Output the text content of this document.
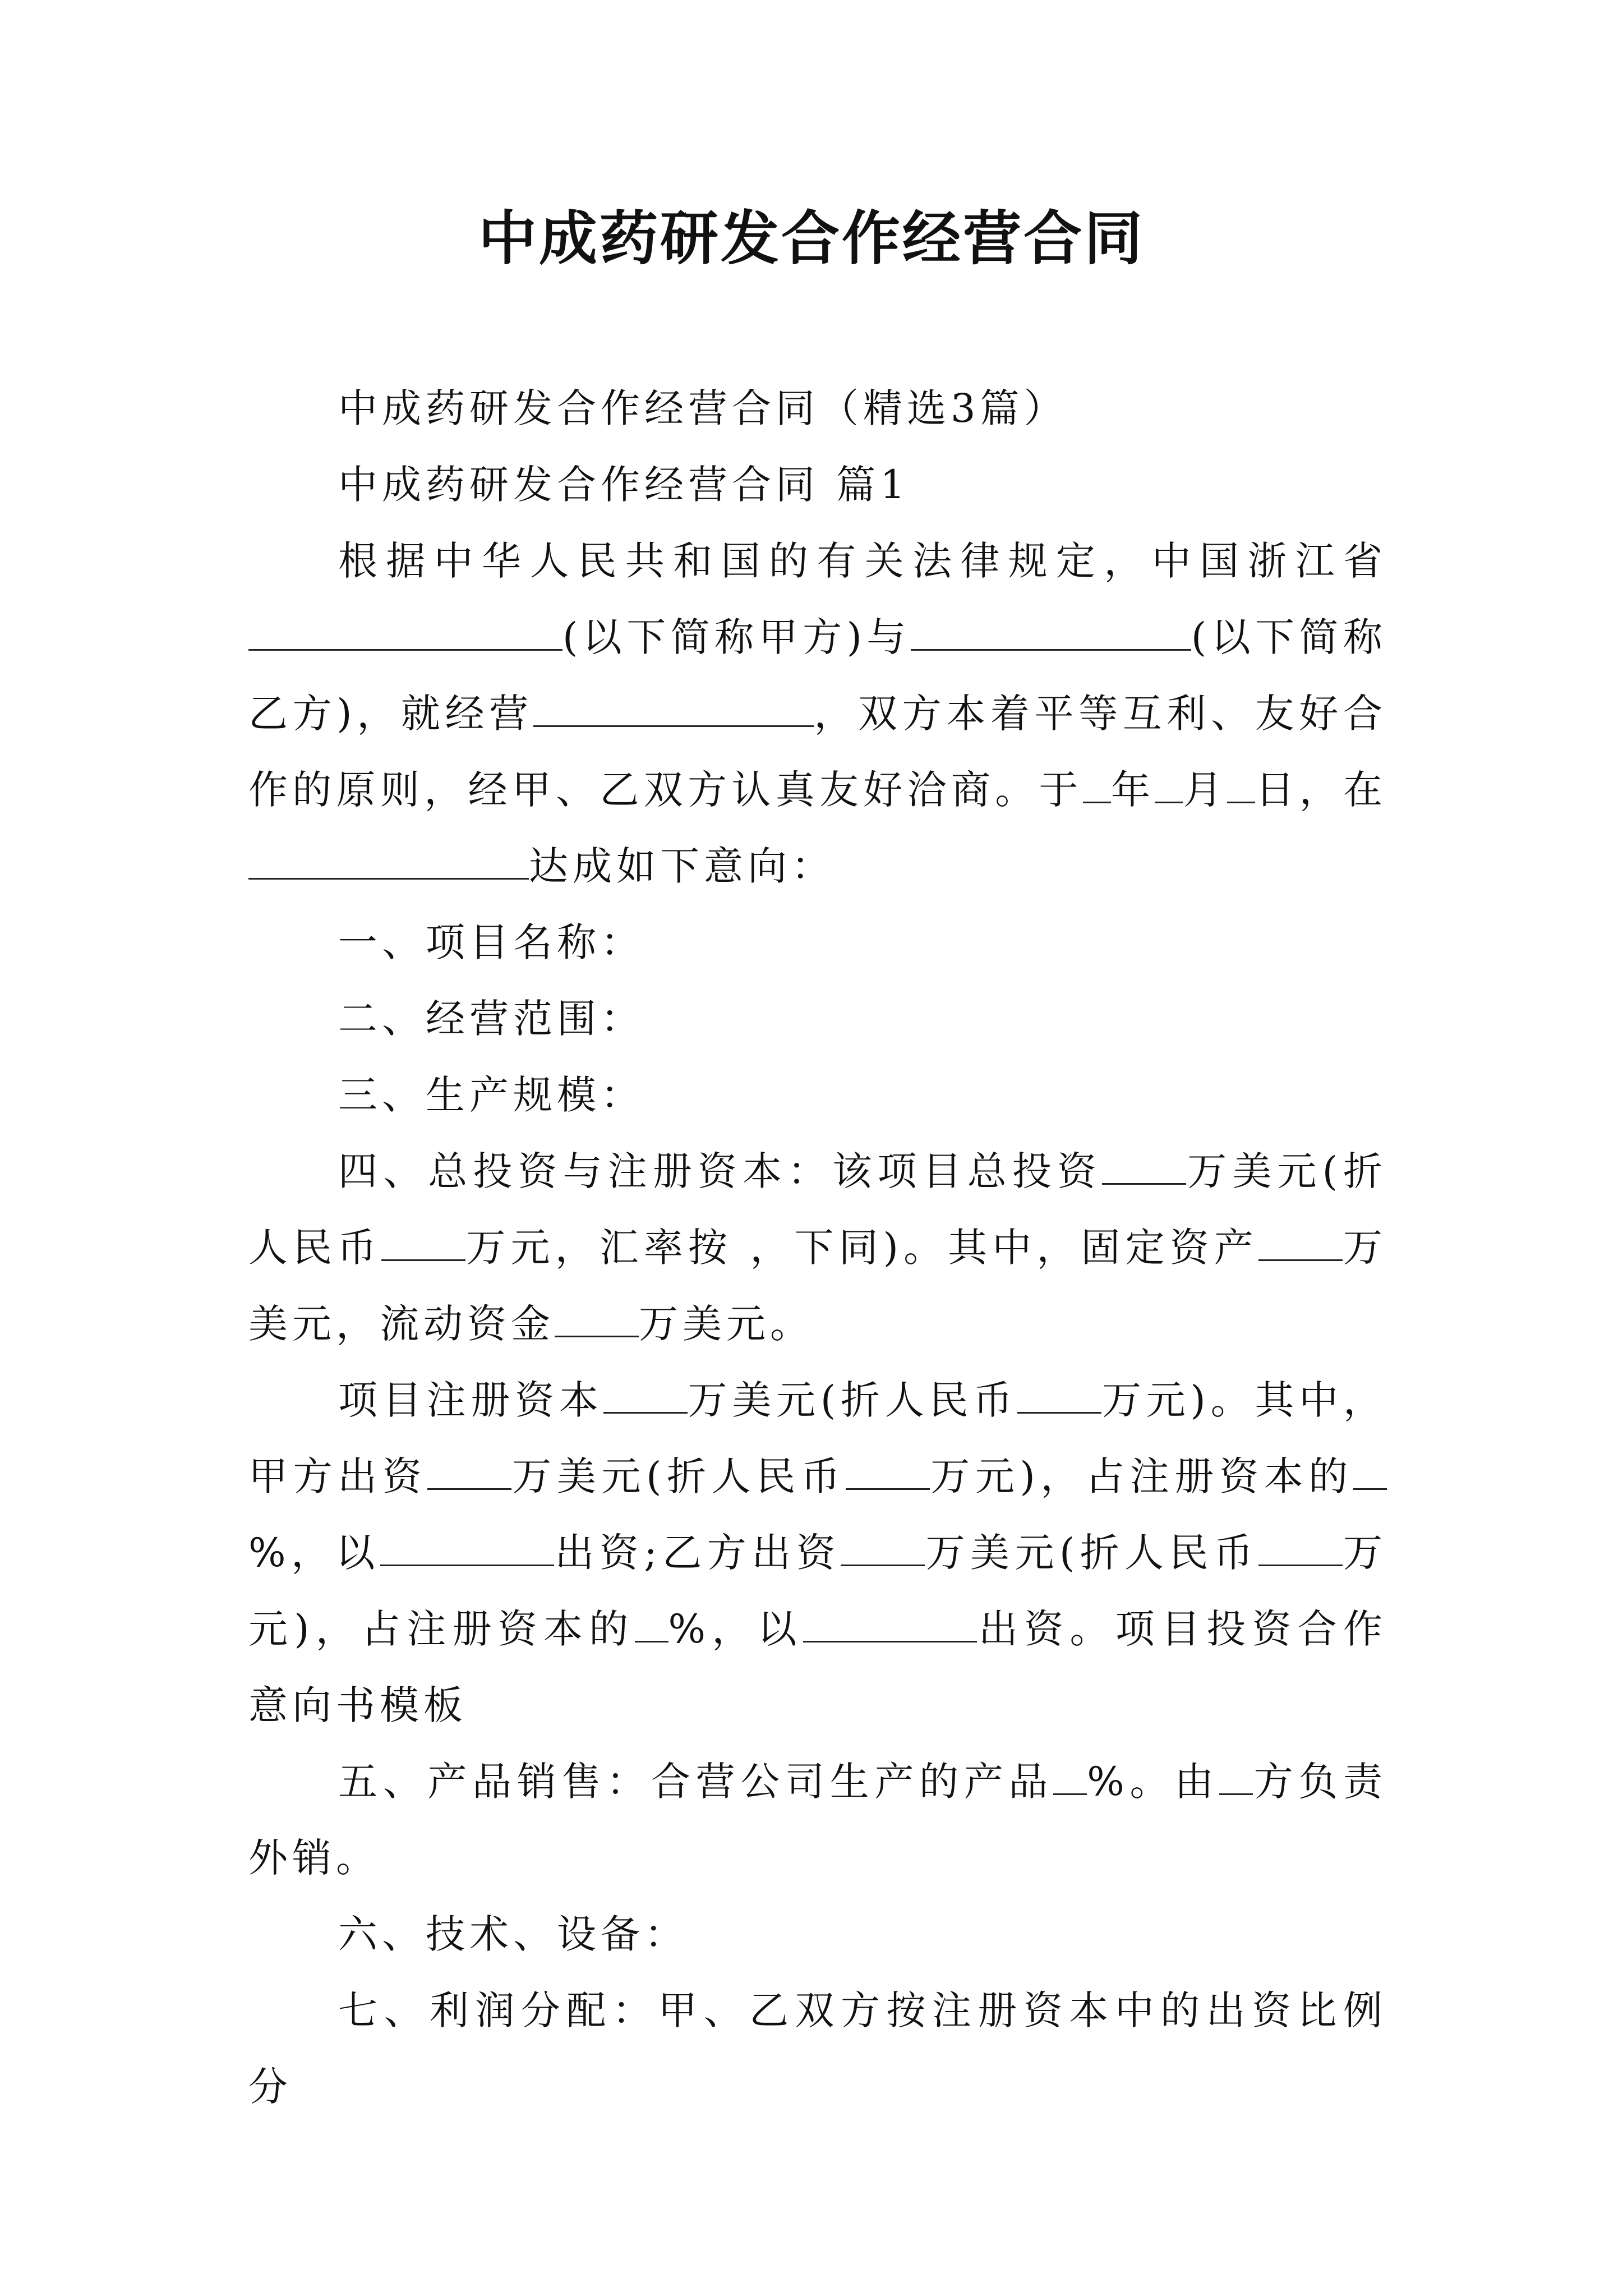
中成药研发合作经营合同

中成药研发合作经营合同（精选3篇）

中成药研发合作经营合同 篇1

根据中华人民共和国的有关法律规定，中国浙江省(以下简称甲方)与	(以下简称乙方)，就经营	，双方本着平等互利、友好合作的原则，经甲、乙双方认真友好洽商。于 年 月 日，在达成如下意向：

一、项目名称：

二、经营范围：

三、生产规模：

四、总投资与注册资本：该项目总投资 万美元(折人民币 万元，汇率按 ，下同)。其中，固定资产 万美元，流动资金 万美元。

项目注册资本 万美元(折人民币 万元)。其中，甲方出资 万美元(折人民币 万元)，占注册资本的%，以	出资;乙方出资 万美元(折人民币 万元)，占注册资本的 %，以	出资。项目投资合作意向书模板

五、产品销售：合营公司生产的产品 %。由 方负责外销。

六、技术、设备：

七、利润分配：甲、乙双方按注册资本中的出资比例分
